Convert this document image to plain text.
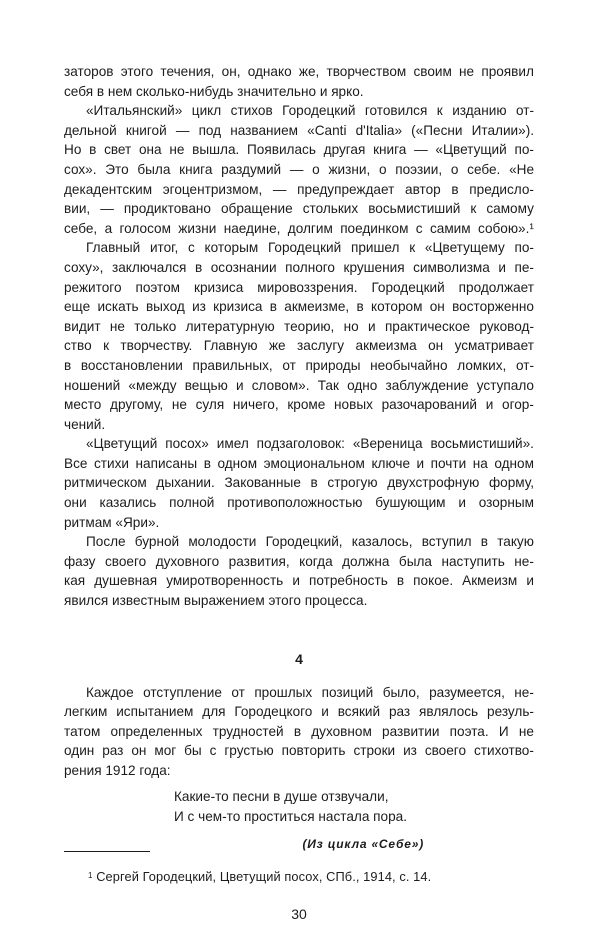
заторов этого течения, он, однако же, творчеством своим не проявил
себя в нем сколько-нибудь значительно и ярко.
«Итальянский» цикл стихов Городецкий готовился к изданию от-
дельной книгой — под названием «Canti d'Italia» («Песни Италии»).
Но в свет она не вышла. Появилась другая книга — «Цветущий по-
сох». Это была книга раздумий — о жизни, о поэзии, о себе. «Не
декадентским эгоцентризмом, — предупреждает автор в предисло-
вии, — продиктовано обращение стольких восьмистиший к самому
себе, а голосом жизни наедине, долгим поединком с самим собою».¹
Главный итог, с которым Городецкий пришел к «Цветущему по-
соху», заключался в осознании полного крушения символизма и пе-
режитого поэтом кризиса мировоззрения. Городецкий продолжает
еще искать выход из кризиса в акмеизме, в котором он восторженно
видит не только литературную теорию, но и практическое руковод-
ство к творчеству. Главную же заслугу акмеизма он усматривает
в восстановлении правильных, от природы необычайно ломких, от-
ношений «между вещью и словом». Так одно заблуждение уступало
место другому, не суля ничего, кроме новых разочарований и огор-
чений.
«Цветущий посох» имел подзаголовок: «Вереница восьмистиший».
Все стихи написаны в одном эмоциональном ключе и почти на одном
ритмическом дыхании. Закованные в строгую двухстрофную форму,
они казались полной противоположностью бушующим и озорным
ритмам «Яри».
После бурной молодости Городецкий, казалось, вступил в такую
фазу своего духовного развития, когда должна была наступить не-
кая душевная умиротворенность и потребность в покое. Акмеизм и
явился известным выражением этого процесса.
4
Каждое отступление от прошлых позиций было, разумеется, не-
легким испытанием для Городецкого и всякий раз являлось резуль-
татом определенных трудностей в духовном развитии поэта. И не
один раз он мог бы с грустью повторить строки из своего стихотво-
рения 1912 года:
Какие-то песни в душе отзвучали,
И с чем-то проститься настала пора.
(Из цикла «Себе»)
$^1$ Сергей Городецкий, Цветущий посох, СПб., 1914, с. 14.
30
